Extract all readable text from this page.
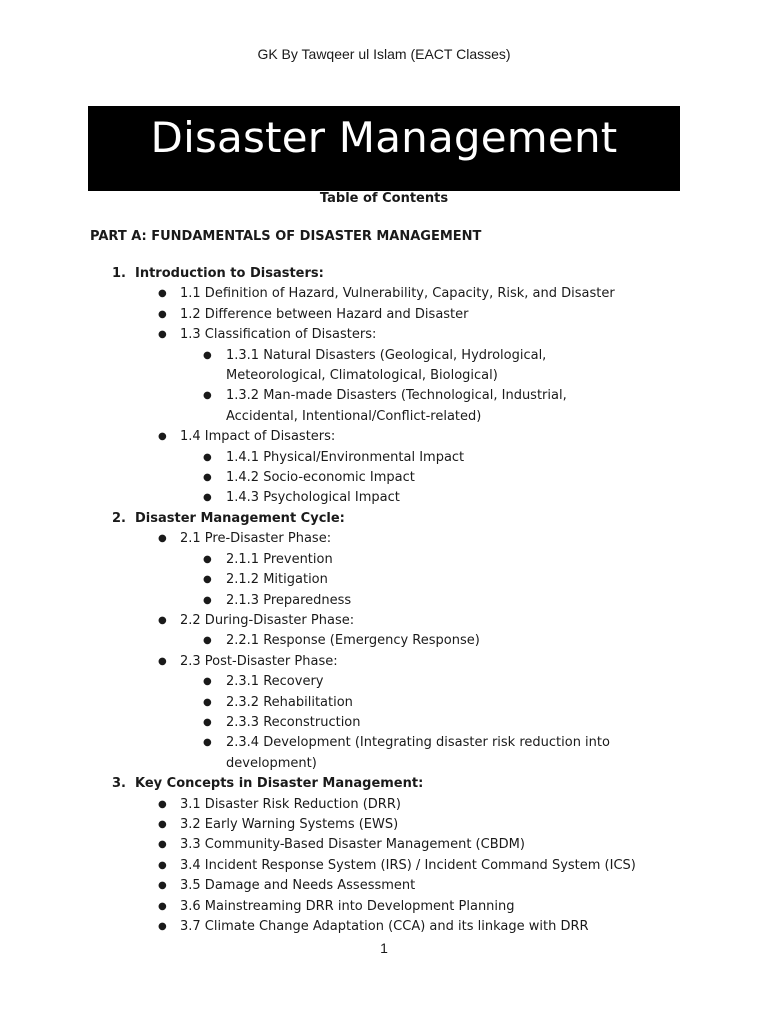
GK By Tawqeer ul Islam (EACT Classes)
Disaster Management
Table of Contents
PART A: FUNDAMENTALS OF DISASTER MANAGEMENT
1. Introduction to Disasters:
● 1.1 Definition of Hazard, Vulnerability, Capacity, Risk, and Disaster
● 1.2 Difference between Hazard and Disaster
● 1.3 Classification of Disasters:
● 1.3.1 Natural Disasters (Geological, Hydrological, Meteorological, Climatological, Biological)
● 1.3.2 Man-made Disasters (Technological, Industrial, Accidental, Intentional/Conflict-related)
● 1.4 Impact of Disasters:
● 1.4.1 Physical/Environmental Impact
● 1.4.2 Socio-economic Impact
● 1.4.3 Psychological Impact
2. Disaster Management Cycle:
● 2.1 Pre-Disaster Phase:
● 2.1.1 Prevention
● 2.1.2 Mitigation
● 2.1.3 Preparedness
● 2.2 During-Disaster Phase:
● 2.2.1 Response (Emergency Response)
● 2.3 Post-Disaster Phase:
● 2.3.1 Recovery
● 2.3.2 Rehabilitation
● 2.3.3 Reconstruction
● 2.3.4 Development (Integrating disaster risk reduction into development)
3. Key Concepts in Disaster Management:
● 3.1 Disaster Risk Reduction (DRR)
● 3.2 Early Warning Systems (EWS)
● 3.3 Community-Based Disaster Management (CBDM)
● 3.4 Incident Response System (IRS) / Incident Command System (ICS)
● 3.5 Damage and Needs Assessment
● 3.6 Mainstreaming DRR into Development Planning
● 3.7 Climate Change Adaptation (CCA) and its linkage with DRR
1
